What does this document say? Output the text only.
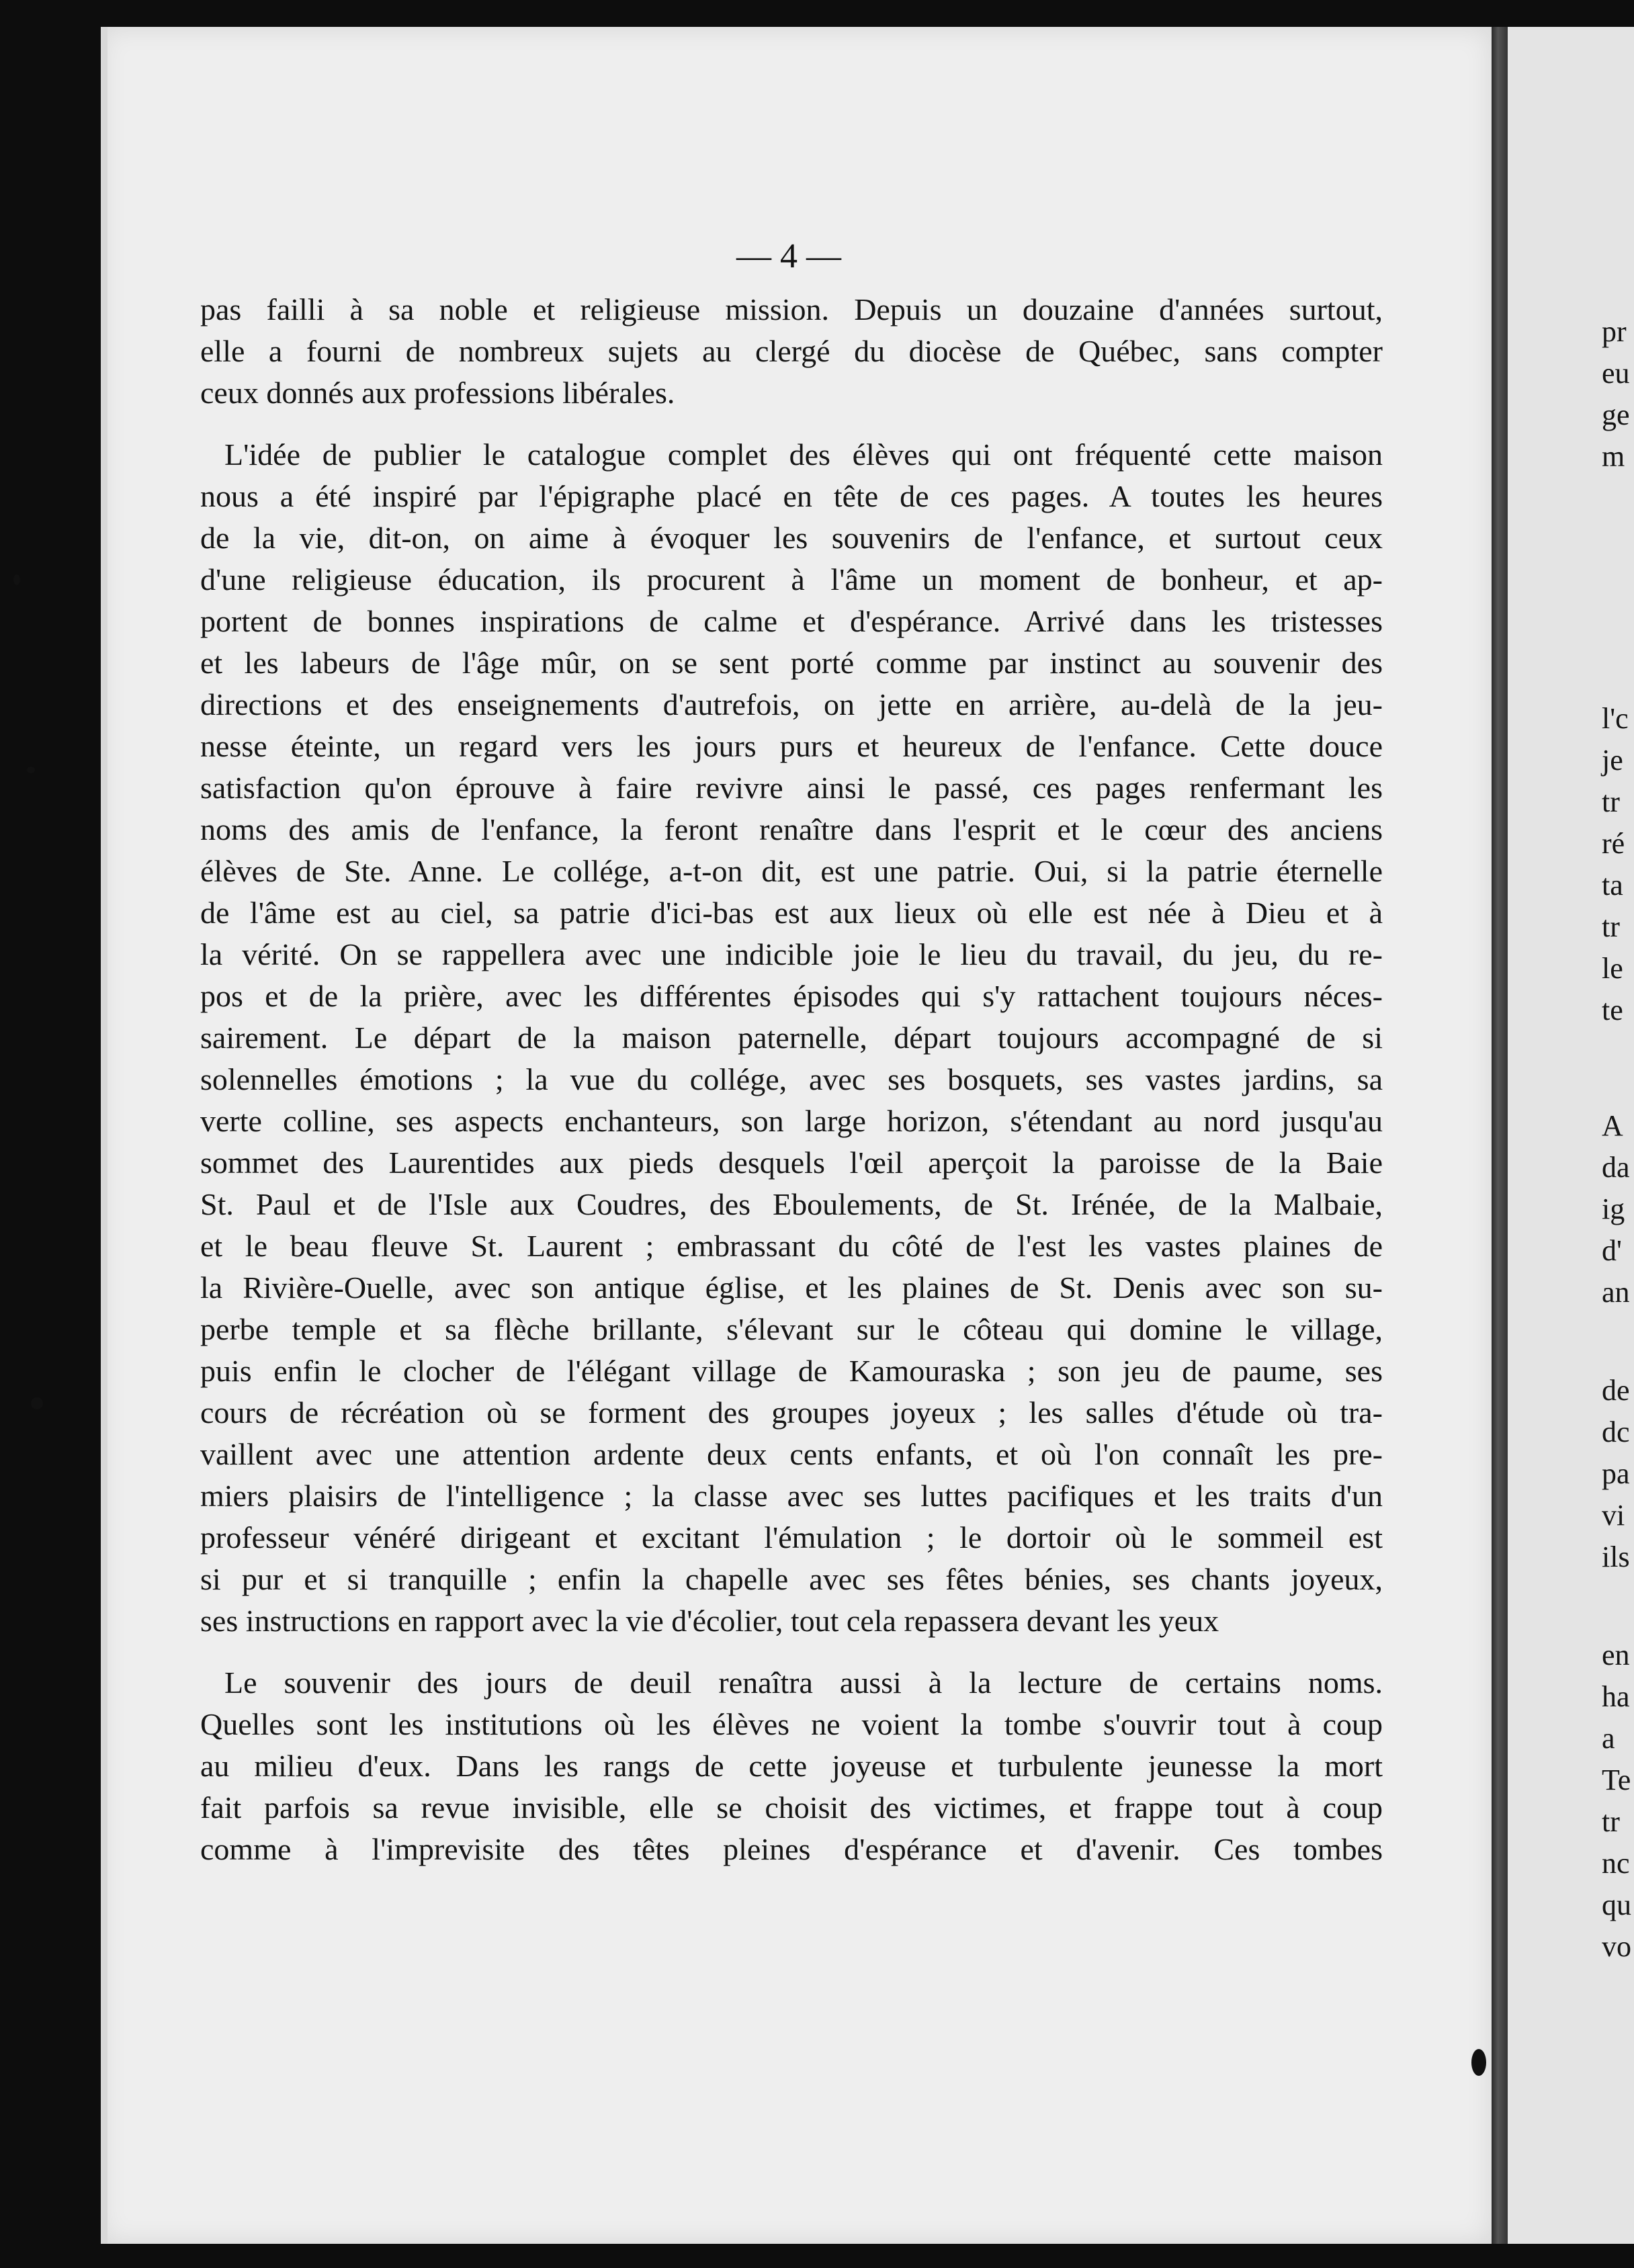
— 4 —

pas failli à sa noble et religieuse mission. Depuis un douzaine d'années surtout,
elle a fourni de nombreux sujets au clergé du diocèse de Québec, sans compter
ceux donnés aux professions libérales.
L'idée de publier le catalogue complet des élèves qui ont fréquenté cette maison
nous a été inspiré par l'épigraphe placé en tête de ces pages. A toutes les heures
de la vie, dit-on, on aime à évoquer les souvenirs de l'enfance, et surtout ceux
d'une religieuse éducation, ils procurent à l'âme un moment de bonheur, et ap-
portent de bonnes inspirations de calme et d'espérance. Arrivé dans les tristesses
et les labeurs de l'âge mûr, on se sent porté comme par instinct au souvenir des
directions et des enseignements d'autrefois, on jette en arrière, au-delà de la jeu-
nesse éteinte, un regard vers les jours purs et heureux de l'enfance. Cette douce
satisfaction qu'on éprouve à faire revivre ainsi le passé, ces pages renfermant les
noms des amis de l'enfance, la feront renaître dans l'esprit et le cœur des anciens
élèves de Ste. Anne. Le collége, a-t-on dit, est une patrie. Oui, si la patrie éternelle
de l'âme est au ciel, sa patrie d'ici-bas est aux lieux où elle est née à Dieu et à
la vérité. On se rappellera avec une indicible joie le lieu du travail, du jeu, du re-
pos et de la prière, avec les différentes épisodes qui s'y rattachent toujours néces-
sairement. Le départ de la maison paternelle, départ toujours accompagné de si
solennelles émotions ; la vue du collége, avec ses bosquets, ses vastes jardins, sa
verte colline, ses aspects enchanteurs, son large horizon, s'étendant au nord jusqu'au
sommet des Laurentides aux pieds desquels l'œil aperçoit la paroisse de la Baie
St. Paul et de l'Isle aux Coudres, des Eboulements, de St. Irénée, de la Malbaie,
et le beau fleuve St. Laurent ; embrassant du côté de l'est les vastes plaines de
la Rivière-Ouelle, avec son antique église, et les plaines de St. Denis avec son su-
perbe temple et sa flèche brillante, s'élevant sur le côteau qui domine le village,
puis enfin le clocher de l'élégant village de Kamouraska ; son jeu de paume, ses
cours de récréation où se forment des groupes joyeux ; les salles d'étude où tra-
vaillent avec une attention ardente deux cents enfants, et où l'on connaît les pre-
miers plaisirs de l'intelligence ; la classe avec ses luttes pacifiques et les traits d'un
professeur vénéré dirigeant et excitant l'émulation ; le dortoir où le sommeil est
si pur et si tranquille ; enfin la chapelle avec ses fêtes bénies, ses chants joyeux,
ses instructions en rapport avec la vie d'écolier, tout cela repassera devant les yeux
Le souvenir des jours de deuil renaîtra aussi à la lecture de certains noms.
Quelles sont les institutions où les élèves ne voient la tombe s'ouvrir tout à coup
au milieu d'eux. Dans les rangs de cette joyeuse et turbulente jeunesse la mort
fait parfois sa revue invisible, elle se choisit des victimes, et frappe tout à coup
comme à l'imprevisite des têtes pleines d'espérance et d'avenir. Ces tombes
pr
eu
ge
m
l'c
je
tr
ré
ta
tr
le
te
A
da
ig
d'
an
de
dc
pa
vi
ils
en
ha
a
Te
tr
nc
qu
vo
